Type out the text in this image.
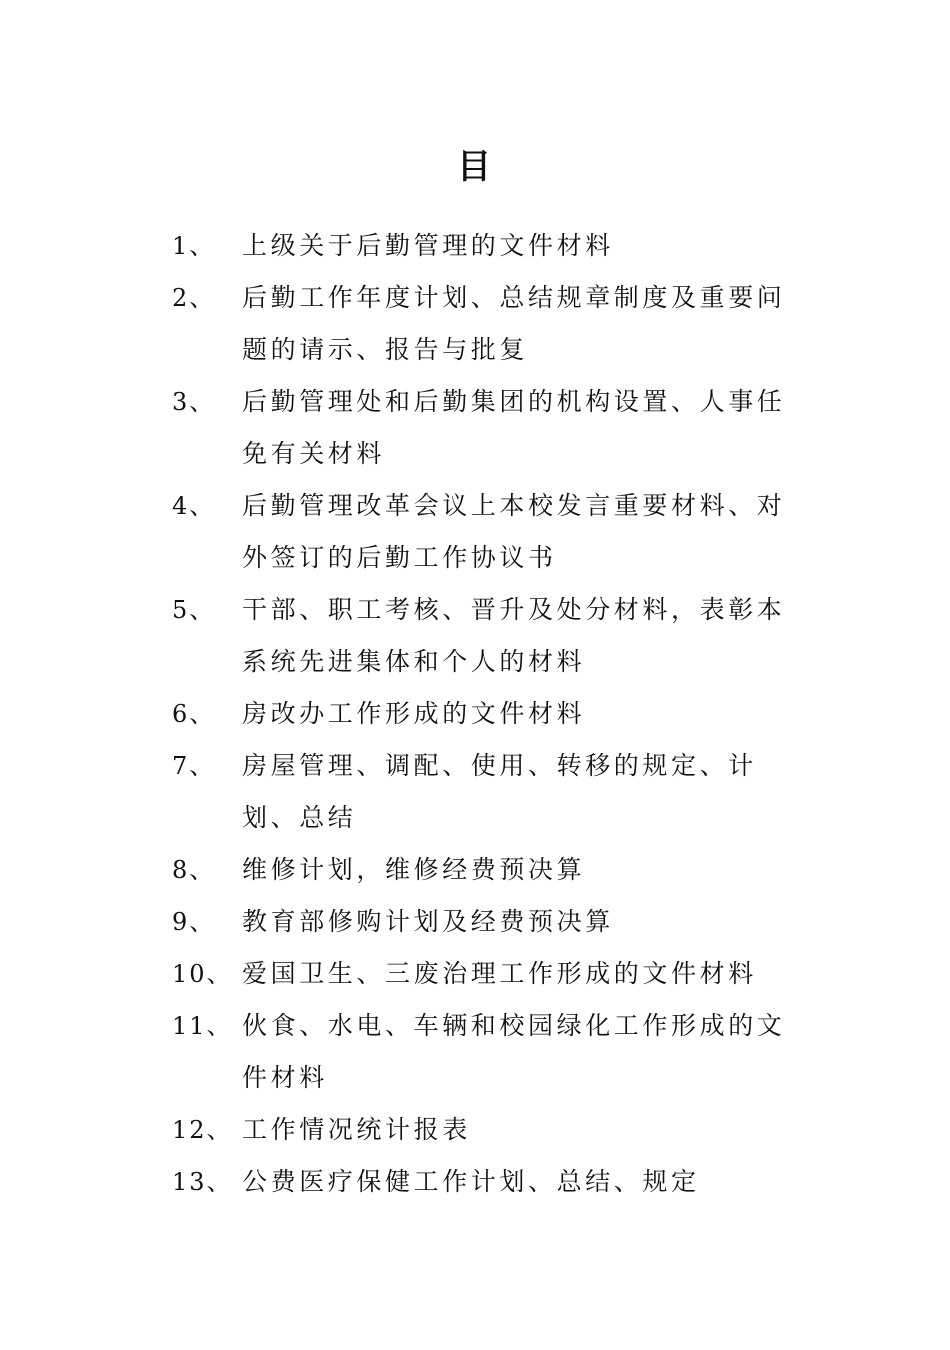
目
1、	上级关于后勤管理的文件材料
2、	后勤工作年度计划、总结规章制度及重要问题的请示、报告与批复
3、	后勤管理处和后勤集团的机构设置、人事任免有关材料
4、	后勤管理改革会议上本校发言重要材料、对外签订的后勤工作协议书
5、	干部、职工考核、晋升及处分材料，表彰本系统先进集体和个人的材料
6、	房改办工作形成的文件材料
7、	房屋管理、调配、使用、转移的规定、计划、总结
8、	维修计划，维修经费预决算
9、	教育部修购计划及经费预决算
10、 爱国卫生、三废治理工作形成的文件材料
11、 伙食、水电、车辆和校园绿化工作形成的文件材料
12、 工作情况统计报表
13、 公费医疗保健工作计划、总结、规定
